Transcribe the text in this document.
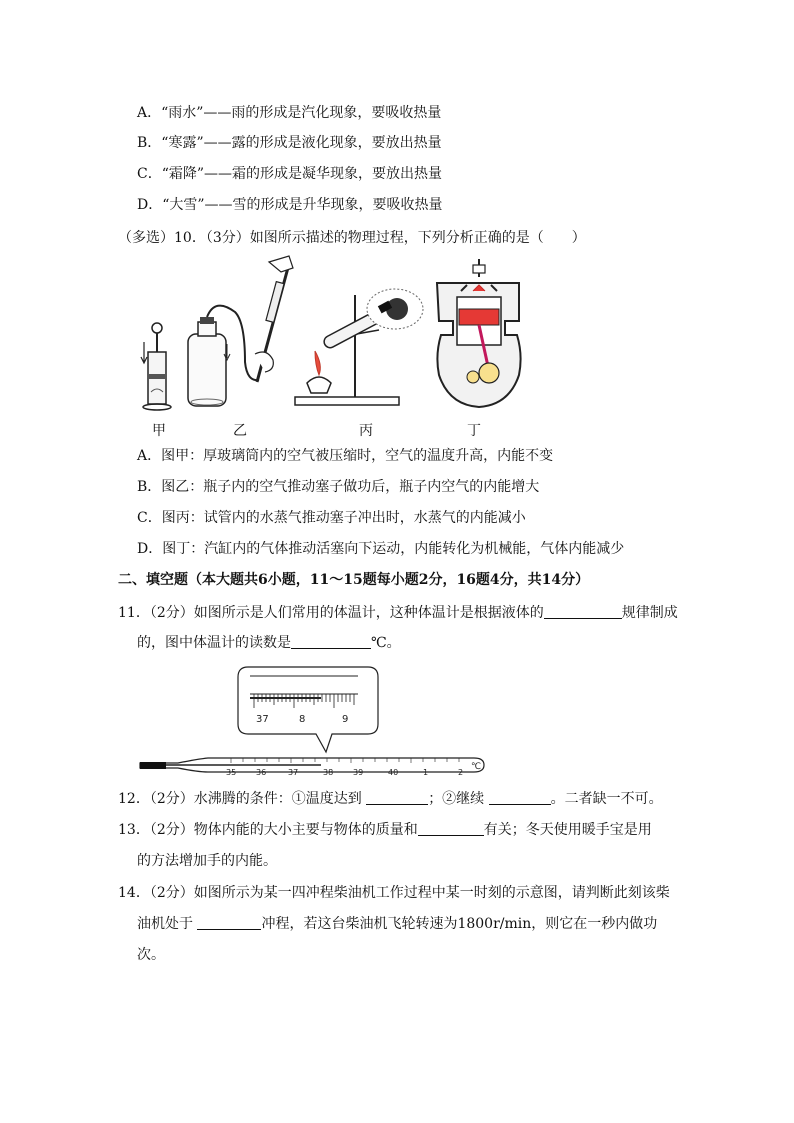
A．“雨水”——雨的形成是汽化现象，要吸收热量
B．“寒露”——露的形成是液化现象，要放出热量
C．“霜降”——霜的形成是凝华现象，要放出热量
D．“大雪”——雪的形成是升华现象，要吸收热量
（多选）10．（3分）如图所示描述的物理过程，下列分析正确的是（　　）
甲	乙	丙	丁
A．图甲：厚玻璃筒内的空气被压缩时，空气的温度升高，内能不变
B．图乙：瓶子内的空气推动塞子做功后，瓶子内空气的内能增大
C．图丙：试管内的水蒸气推动塞子冲出时，水蒸气的内能减小
D．图丁：汽缸内的气体推动活塞向下运动，内能转化为机械能，气体内能减少
二、填空题（本大题共6小题，11～15题每小题2分，16题4分，共14分）
11．（2分）如图所示是人们常用的体温计，这种体温计是根据液体的	规律制成
的，图中体温计的读数是	℃。
37	8	9
35 36	37	38 39	40	1	2
℃
12．（2分）水沸腾的条件：①温度达到	；②继续	。二者缺一不可。
13．（2分）物体内能的大小主要与物体的质量和	有关；冬天使用暖手宝是用
的方法增加手的内能。
14．（2分）如图所示为某一四冲程柴油机工作过程中某一时刻的示意图，请判断此刻该柴
油机处于	冲程，若这台柴油机飞轮转速为1800r/min，则它在一秒内做功
次。
